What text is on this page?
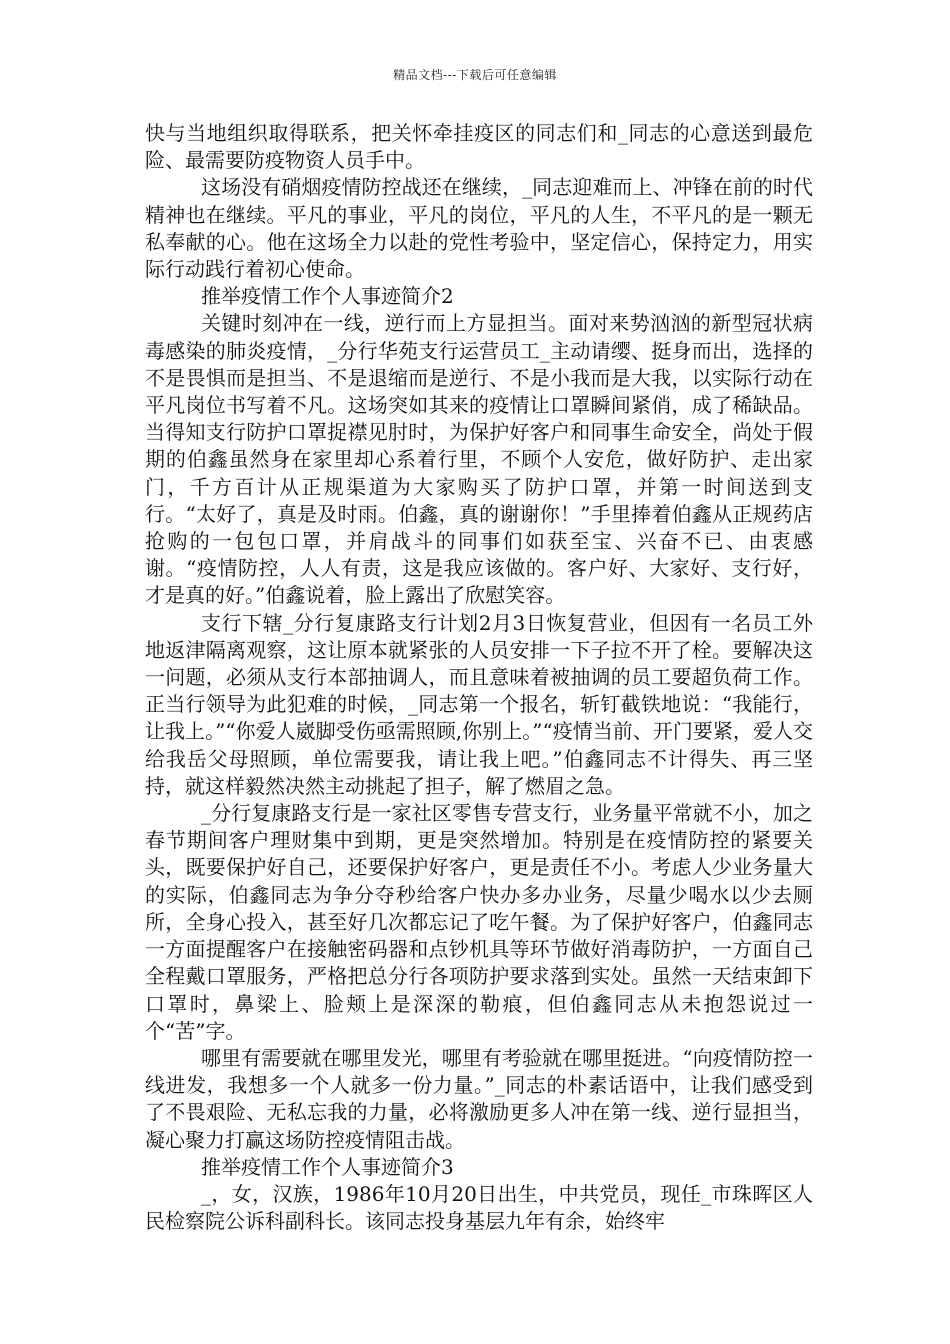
精品文档---下载后可任意编辑

快与当地组织取得联系，把关怀牵挂疫区的同志们和_同志的心意送到最危险、最需要防疫物资人员手中。

这场没有硝烟疫情防控战还在继续，_同志迎难而上、冲锋在前的时代精神也在继续。平凡的事业，平凡的岗位，平凡的人生，不平凡的是一颗无私奉献的心。他在这场全力以赴的党性考验中，坚定信心，保持定力，用实际行动践行着初心使命。

推举疫情工作个人事迹简介2

关键时刻冲在一线，逆行而上方显担当。面对来势汹汹的新型冠状病毒感染的肺炎疫情，_分行华苑支行运营员工_主动请缨、挺身而出，选择的不是畏惧而是担当、不是退缩而是逆行、不是小我而是大我，以实际行动在平凡岗位书写着不凡。这场突如其来的疫情让口罩瞬间紧俏，成了稀缺品。当得知支行防护口罩捉襟见肘时，为保护好客户和同事生命安全，尚处于假期的伯鑫虽然身在家里却心系着行里，不顾个人安危，做好防护、走出家门，千方百计从正规渠道为大家购买了防护口罩，并第一时间送到支行。“太好了，真是及时雨。伯鑫，真的谢谢你！”手里捧着伯鑫从正规药店抢购的一包包口罩，并肩战斗的同事们如获至宝、兴奋不已、由衷感谢。“疫情防控，人人有责，这是我应该做的。客户好、大家好、支行好，才是真的好。”伯鑫说着，脸上露出了欣慰笑容。

支行下辖_分行复康路支行计划2月3日恢复营业，但因有一名员工外地返津隔离观察，这让原本就紧张的人员安排一下子拉不开了栓。要解决这一问题，必须从支行本部抽调人，而且意味着被抽调的员工要超负荷工作。正当行领导为此犯难的时候，_同志第一个报名，斩钉截铁地说：“我能行，让我上。”“你爱人崴脚受伤亟需照顾,你别上。”“疫情当前、开门要紧，爱人交给我岳父母照顾，单位需要我，请让我上吧。”伯鑫同志不计得失、再三坚持，就这样毅然决然主动挑起了担子，解了燃眉之急。

_分行复康路支行是一家社区零售专营支行，业务量平常就不小，加之春节期间客户理财集中到期，更是突然增加。特别是在疫情防控的紧要关头，既要保护好自己，还要保护好客户，更是责任不小。考虑人少业务量大的实际，伯鑫同志为争分夺秒给客户快办多办业务，尽量少喝水以少去厕所，全身心投入，甚至好几次都忘记了吃午餐。为了保护好客户，伯鑫同志一方面提醒客户在接触密码器和点钞机具等环节做好消毒防护，一方面自己全程戴口罩服务，严格把总分行各项防护要求落到实处。虽然一天结束卸下口罩时，鼻梁上、脸颊上是深深的勒痕，但伯鑫同志从未抱怨说过一个“苦”字。

哪里有需要就在哪里发光，哪里有考验就在哪里挺进。“向疫情防控一线进发，我想多一个人就多一份力量。”_同志的朴素话语中，让我们感受到了不畏艰险、无私忘我的力量，必将激励更多人冲在第一线、逆行显担当，凝心聚力打赢这场防控疫情阻击战。

推举疫情工作个人事迹简介3

_，女，汉族，1986年10月20日出生，中共党员，现任_市珠晖区人民检察院公诉科副科长。该同志投身基层九年有余，始终牢
